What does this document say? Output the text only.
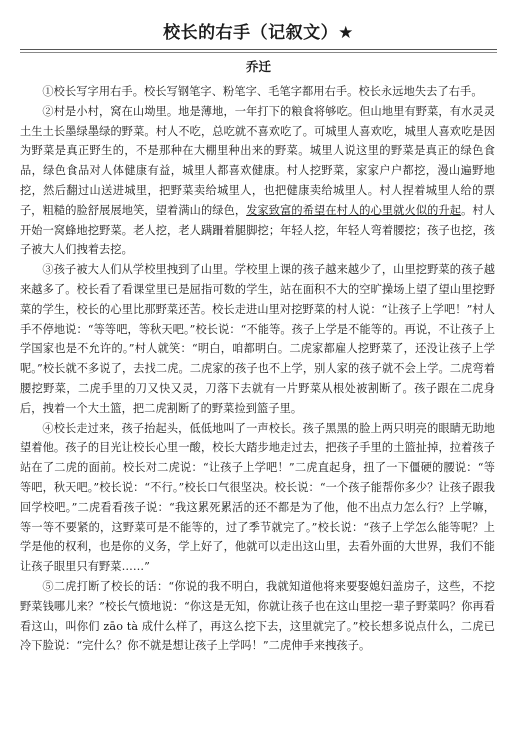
校长的右手（记叙文）★
乔迁

①校长写字用右手。校长写钢笔字、粉笔字、毛笔字都用右手。校长永远地失去了右手。

②村是小村，窝在山坳里。地是薄地，一年打下的粮食将够吃。但山地里有野菜，有水灵灵土生土长墨绿墨绿的野菜。村人不吃，总吃就不喜欢吃了。可城里人喜欢吃，城里人喜欢吃是因为野菜是真正野生的，不是那种在大棚里种出来的野菜。城里人说这里的野菜是真正的绿色食品，绿色食品对人体健康有益，城里人都喜欢健康。村人挖野菜，家家户户都挖，漫山遍野地挖，然后翻过山送进城里，把野菜卖给城里人，也把健康卖给城里人。村人捏着城里人给的票子，粗糙的脸舒展展地笑，望着满山的绿色，发家致富的希望在村人的心里就火似的升起。村人开始一窝蜂地挖野菜。老人挖，老人蹒跚着腿脚挖；年轻人挖，年轻人弯着腰挖；孩子也挖，孩子被大人们拽着去挖。

③孩子被大人们从学校里拽到了山里。学校里上课的孩子越来越少了，山里挖野菜的孩子越来越多了。校长看了看课堂里已是屈指可数的学生，站在面积不大的空旷操场上望了望山里挖野菜的学生，校长的心里比那野菜还苦。校长走进山里对挖野菜的村人说：“让孩子上学吧！”村人手不停地说：“等等吧，等秋天吧。”校长说：“不能等。孩子上学是不能等的。再说，不让孩子上学国家也是不允许的。”村人就笑：“明白，咱都明白。二虎家都雇人挖野菜了，还没让孩子上学呢。”校长就不多说了，去找二虎。二虎家的孩子也不上学，别人家的孩子就不会上学。二虎弯着腰挖野菜，二虎手里的刀又快又灵，刀落下去就有一片野菜从根处被割断了。孩子跟在二虎身后，拽着一个大土篮，把二虎割断了的野菜捡到篮子里。

④校长走过来，孩子抬起头，低低地叫了一声校长。孩子黑黑的脸上两只明亮的眼睛无助地望着他。孩子的目光让校长心里一酸，校长大踏步地走过去，把孩子手里的土篮扯掉，拉着孩子站在了二虎的面前。校长对二虎说：“让孩子上学吧！”二虎直起身，扭了一下僵硬的腰说：“等等吧，秋天吧。”校长说：“不行。”校长口气很坚决。校长说：“一个孩子能帮你多少？让孩子跟我回学校吧。”二虎看看孩子说：“我这累死累活的还不都是为了他，他不出点力怎么行？上学嘛，等一等不要紧的，这野菜可是不能等的，过了季节就完了。”校长说：“孩子上学怎么能等呢？上学是他的权利，也是你的义务，学上好了，他就可以走出这山里，去看外面的大世界，我们不能让孩子眼里只有野菜……”

⑤二虎打断了校长的话：“你说的我不明白，我就知道他将来要娶媳妇盖房子，这些，不挖野菜钱哪儿来？”校长气愤地说：“你这是无知，你就让孩子也在这山里挖一辈子野菜吗？你再看看这山，叫你们 zāo tà 成什么样了，再这么挖下去，这里就完了。”校长想多说点什么，二虎已冷下脸说：“完什么？你不就是想让孩子上学吗！”二虎伸手来拽孩子。
